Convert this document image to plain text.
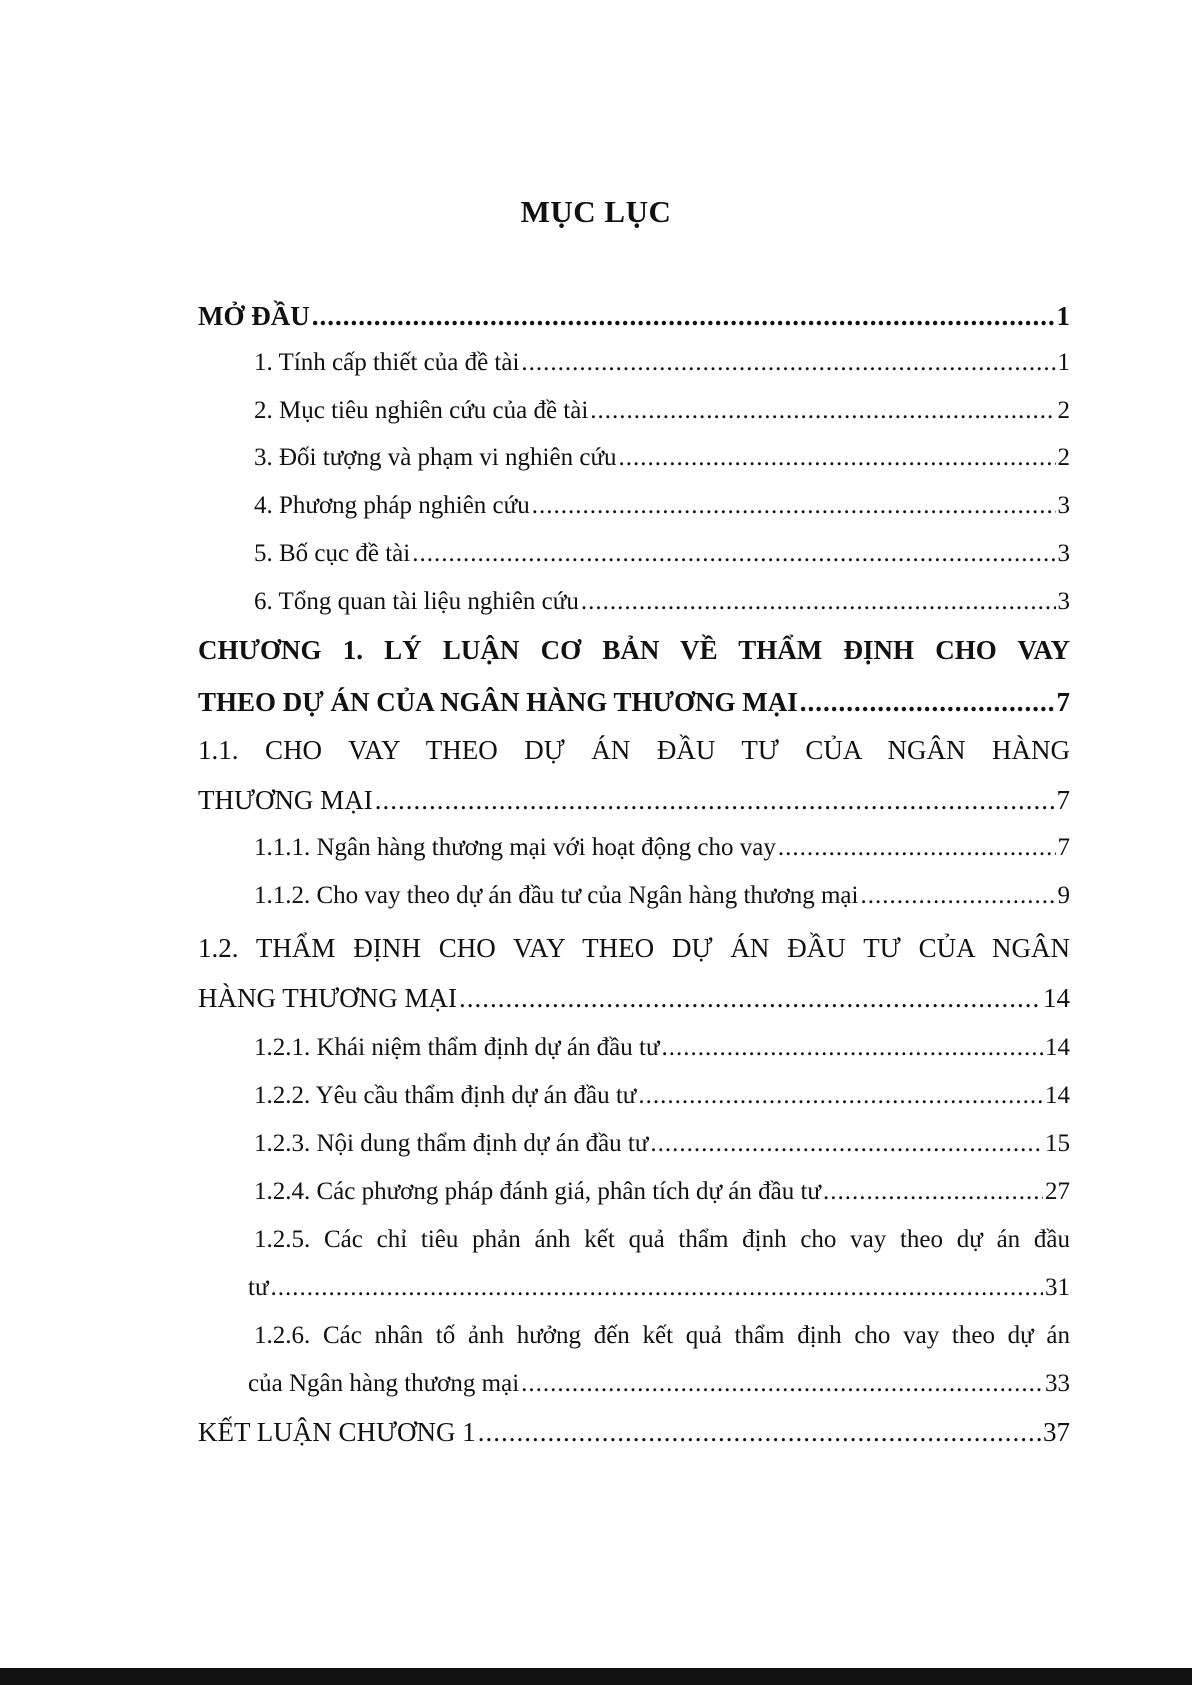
MỤC LỤC
MỞ ĐẦU .....	1
1. Tính cấp thiết của đề tài .....	1
2. Mục tiêu nghiên cứu của đề tài .....	2
3. Đối tượng và phạm vi nghiên cứu .....	2
4. Phương pháp nghiên cứu .....	3
5. Bố cục đề tài .....	3
6. Tổng quan tài liệu nghiên cứu .....	3
CHƯƠNG 1. LÝ LUẬN CƠ BẢN VỀ THẨM ĐỊNH CHO VAY
THEO DỰ ÁN CỦA NGÂN HÀNG THƯƠNG MẠI .....	7
1.1. CHO VAY THEO DỰ ÁN ĐẦU TƯ CỦA NGÂN HÀNG
THƯƠNG MẠI .....	7
1.1.1. Ngân hàng thương mại với hoạt động cho vay .....	7
1.1.2. Cho vay theo dự án đầu tư của Ngân hàng thương mại .....	9
1.2. THẨM ĐỊNH CHO VAY THEO DỰ ÁN ĐẦU TƯ CỦA NGÂN
HÀNG THƯƠNG MẠI .....	14
1.2.1. Khái niệm thẩm định dự án đầu tư .....	14
1.2.2. Yêu cầu thẩm định dự án đầu tư .....	14
1.2.3. Nội dung thẩm định dự án đầu tư .....	15
1.2.4. Các phương pháp đánh giá, phân tích dự án đầu tư .....	27
1.2.5. Các chỉ tiêu phản ánh kết quả thẩm định cho vay theo dự án đầu
tư .....	31
1.2.6. Các nhân tố ảnh hưởng đến kết quả thẩm định cho vay theo dự án
của Ngân hàng thương mại .....	33
KẾT LUẬN CHƯƠNG 1 .....	37
